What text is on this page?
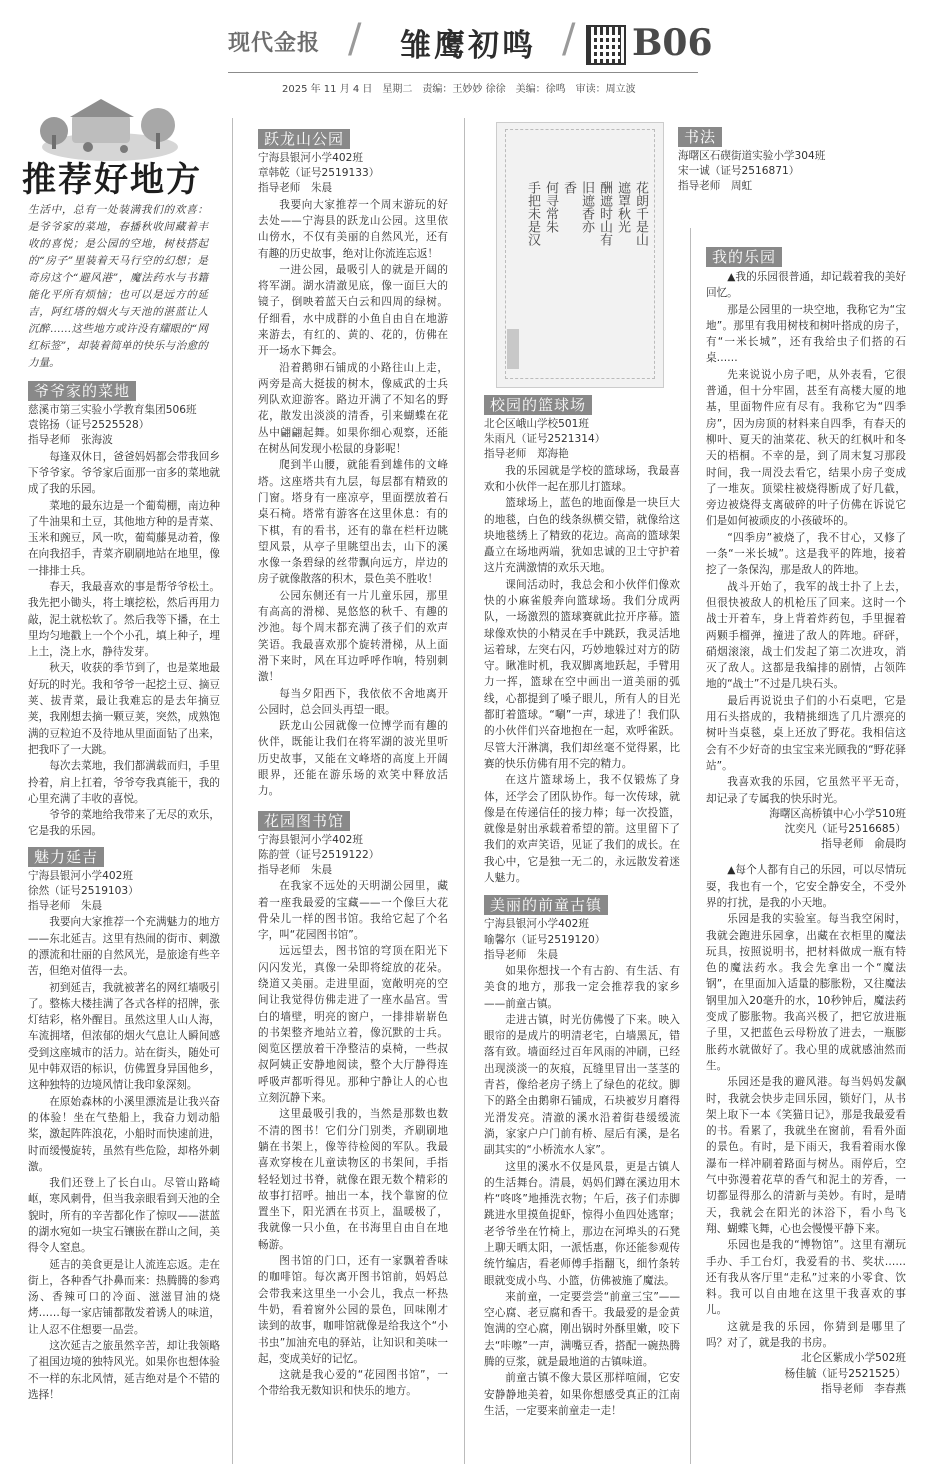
现代金报 / 雏鹰初鸣 / B06
2025 年 11 月 4 日　星期二　责编：王妙妙 徐徐　美编：徐鸣　审读：周立波
推荐好地方
生活中，总有一处装满我们的欢喜：是爷爷家的菜地，春播秋收间藏着丰收的喜悦；是公园的空地，树枝搭起的“房子”里装着天马行空的幻想；是奇房这个“避风港”，魔法药水与书籍能化平所有烦恼；也可以是远方的延吉，阿红塔的烟火与天池的湛蓝让人沉醉……这些地方或许没有耀眼的“网红标签”，却装着简单的快乐与治愈的力量。
爷爷家的菜地
慈溪市第三实验小学教育集团506班
袁铭扬（证号2525528）
指导老师　张海波

每逢双休日，爸爸妈妈都会带我回乡下爷爷家。爷爷家后面那一亩多的菜地就成了我的乐园。

菜地的最东边是一个葡萄棚，南边种了牛油果和土豆，其他地方种的是青菜、玉米和豌豆，风一吹，葡萄藤晃动着，像在向我招手，青菜齐刷刷地站在地里，像一排排士兵。

春天，我最喜欢的事是帮爷爷松土。我先把小锄头，将土壤挖松，然后再用力敲，泥土就松软了。然后我等下播，在土里均匀地戳上一个个小孔，填上种子，埋上土，浇上水，静待发芽。

秋天，收获的季节到了，也是菜地最好玩的时光。我和爷爷一起挖土豆、摘豆荚、拔青菜，最让我难忘的是去年摘豆荚，我刚想去摘一颗豆荚，突然，成熟饱满的豆粒迫不及待地从里面面钻了出来，把我吓了一大跳。

每次去菜地，我们都满载而归，手里拎着，肩上扛着，爷爷夸我真能干，我的心里充满了丰收的喜悦。

爷爷的菜地给我带来了无尽的欢乐，它是我的乐园。

魅力延吉
宁海县银河小学402班
徐然（证号2519103）
指导老师　朱晨

我要向大家推荐一个充满魅力的地方——东北延吉。这里有热闹的街市、刺激的漂流和壮丽的自然风光，是旅途有些辛苦，但绝对值得一去。

初到延吉，我就被著名的网红墙吸引了。整栋大楼挂满了各式各样的招牌，张灯结彩，格外醒目。虽然这里人山人海，车流拥堵，但浓郁的烟火气息让人瞬间感受到这座城市的活力。站在街头，随处可见中韩双语的标识，仿佛置身异国他乡，这种独特的边境风情让我印象深刻。

在原始森林的小溪里漂流是让我兴奋的体验！坐在气垫船上，我奋力划动船桨，激起阵阵浪花，小船时而快速前进，时而缓慢旋转，虽然有些危险，却格外刺激。

我们还登上了长白山。尽管山路崎岖，寒风刺骨，但当我亲眼看到天池的全貌时，所有的辛苦都化作了惊叹——湛蓝的湖水宛如一块宝石镶嵌在群山之间，美得令人窒息。

延吉的美食更是让人流连忘返。走在街上，各种香气扑鼻而来：热腾腾的参鸡汤、香辣可口的冷面、滋滋冒油的烧烤……每一家店铺都散发着诱人的味道，让人忍不住想要一品尝。

这次延吉之旅虽然辛苦，却让我领略了祖国边境的独特风光。如果你也想体验不一样的东北风情，延吉绝对是个不错的选择！

跃龙山公园
宁海县银河小学402班
章韩乾（证号2519133）
指导老师　朱晨

我要向大家推荐一个周末游玩的好去处——宁海县的跃龙山公园。这里依山傍水，不仅有美丽的自然风光，还有有趣的历史故事，绝对让你流连忘返！

一进公园，最吸引人的就是开阔的将军湖。湖水清澈见底，像一面巨大的镜子，倒映着蓝天白云和四周的绿树。仔细看，水中成群的小鱼自由自在地游来游去，有红的、黄的、花的，仿佛在开一场水下舞会。

沿着鹅卵石铺成的小路往山上走，两旁是高大挺拔的树木，像威武的士兵列队欢迎游客。路边开满了不知名的野花，散发出淡淡的清香，引来蝴蝶在花丛中翩翩起舞。如果你细心观察，还能在树丛间发现小松鼠的身影呢！

爬到半山腰，就能看到雄伟的文峰塔。这座塔共有九层，每层都有精致的门窗。塔身有一座凉亭，里面摆放着石桌石椅。塔常有游客在这里休息：有的下棋，有的看书，还有的靠在栏杆边眺望风景，从亭子里眺望出去，山下的溪水像一条碧绿的丝带飘向远方，岸边的房子就像散落的积木，景色美不胜收！

公园东侧还有一片儿童乐园，那里有高高的滑梯、晃悠悠的秋千、有趣的沙池。每个周末都充满了孩子们的欢声笑语。我最喜欢那个旋转滑梯，从上面滑下来时，风在耳边呼呼作响，特别刺激！

每当夕阳西下，我依依不舍地离开公园时，总会回头再望一眼。

跃龙山公园就像一位博学而有趣的伙伴，既能让我们在将军湖的波光里听历史故事，又能在文峰塔的高度上开阔眼界，还能在游乐场的欢笑中释放活力。

花园图书馆
宁海县银河小学402班
陈韵萱（证号2519122）
指导老师　朱晨

在我家不远处的天明湖公园里，藏着一座我最爱的宝藏——一个像巨大花骨朵儿一样的图书馆。我给它起了个名字，叫“花园图书馆”。

远远望去，图书馆的穹顶在阳光下闪闪发光，真像一朵即将绽放的花朵。绕道又美丽。走进里面，宽敞明亮的空间让我觉得仿佛走进了一座水晶宫。雪白的墙壁，明亮的窗户，一排排崭崭色的书架整齐地站立着，像沉默的士兵。阅览区摆放着干净整洁的桌椅，一些叔叔阿姨正安静地阅读，整个大厅静得连呼吸声都听得见。那种宁静让人的心也立刻沉静下来。

这里最吸引我的，当然是那数也数不清的图书！它们分门别类，齐刷刷地躺在书架上，像等待检阅的军队。我最喜欢穿梭在儿童读物区的书架间，手指轻轻划过书脊，就像在跟无数个精彩的故事打招呼。抽出一本，找个靠窗的位置坐下，阳光洒在书页上，温暖极了，我就像一只小鱼，在书海里自由自在地畅游。

图书馆的门口，还有一家飘着香味的咖啡馆。每次离开图书馆前，妈妈总会带我来这里坐一小会儿，我点一杯热牛奶，看着窗外公园的景色，回味刚才读到的故事，咖啡馆就像是给我这个“小书虫”加油充电的驿站，让知识和美味一起，变成美好的记忆。

这就是我心爱的“花园图书馆”，一个带给我无数知识和快乐的地方。

手把未是汉 何寻常朱 香 旧遮香亦 酬遮时山有 遮罩秋光 花朗千是山
校园的篮球场
北仑区峨山学校501班
朱雨凡（证号2521314）
指导老师　郑海艳

我的乐园就是学校的篮球场，我最喜欢和小伙伴一起在那儿打篮球。

篮球场上，蓝色的地面像是一块巨大的地毯，白色的线条纵横交错，就像给这块地毯绣上了精致的花边。高高的篮球架矗立在场地两端，犹如忠诚的卫士守护着这片充满激情的欢乐天地。

课间活动时，我总会和小伙伴们像欢快的小麻雀般奔向篮球场。我们分成两队，一场激烈的篮球赛就此拉开序幕。篮球像欢快的小精灵在手中跳跃，我灵活地运着球，左突右闪，巧妙地躲过对方的防守。瞅准时机，我双脚离地跃起，手臂用力一挥，篮球在空中画出一道美丽的弧线，心都提到了嗓子眼儿，所有人的目光都盯着篮球。“唰”一声，球进了！我们队的小伙伴们兴奋地抱在一起，欢呼雀跃。尽管大汗淋漓，我们却丝毫不觉得累，比赛的快乐仿佛有用不完的精力。

在这片篮球场上，我不仅锻炼了身体，还学会了团队协作。每一次传球，就像是在传递信任的接力棒；每一次投篮，就像是射出承载着希望的箭。这里留下了我们的欢声笑语，见证了我们的成长。在我心中，它是独一无二的，永远散发着迷人魅力。

美丽的前童古镇
宁海县银河小学402班
喻馨尔（证号2519120）
指导老师　朱晨

如果你想找一个有古韵、有生活、有美食的地方，那我一定会推荐我的家乡——前童古镇。

走进古镇，时光仿佛慢了下来。映入眼帘的是成片的明清老宅，白墙黑瓦，错落有致。墙面经过百年风雨的冲刷，已经出现淡淡一的灰痕，瓦缝里冒出一茎茎的青苔，像给老房子绣上了绿色的花纹。脚下的路全由鹅卵石铺成，石块被岁月磨得光滑发亮。清澈的溪水沿着街巷缓缓流淌，家家户户门前有桥、屋后有溪，是名副其实的“小桥流水人家”。

这里的溪水不仅是风景，更是古镇人的生活舞台。清晨，妈妈们蹲在溪边用木杵“咚咚”地捶洗衣物；午后，孩子们赤脚跳进水里摸鱼捉虾，惊得小鱼四处逃窜；老爷爷坐在竹椅上，那边在河埠头的石凳上聊天晒太阳，一派恬惠，你还能参观传统竹编店，看老师傅手指翻飞，细竹条转眼就变成小鸟、小篮，仿佛被施了魔法。

来前童，一定要尝尝“前童三宝”——空心腐、老豆腐和香干。我最爱的是金黄饱满的空心腐，刚出锅时外酥里嫩，咬下去“咔嚓”一声，满嘴豆香，搭配一碗热腾腾的豆浆，就是最地道的古镇味道。

前童古镇不像大景区那样喧闹，它安安静静地美着，如果你想感受真正的江南生活，一定要来前童走一走！

书法
海曙区石碶街道实验小学304班
宋一诚（证号2516871）
指导老师　周虹
我的乐园

▲我的乐园很普通，却记载着我的美好回忆。

那是公园里的一块空地，我称它为“宝地”。那里有我用树枝和树叶搭成的房子，有“一米长城”，还有我给虫子们搭的石桌……

先来说说小房子吧，从外表看，它很普通，但十分牢固，甚至有高楼大厦的地基，里面物件应有尽有。我称它为“四季房”，因为房顶的材料来自四季，有春天的柳叶、夏天的油菜花、秋天的红枫叶和冬天的梧桐。不幸的是，到了周末复习那段时间，我一周没去看它，结果小房子变成了一堆灰。顶梁柱被烧得断成了好几截，旁边被烧得支离破碎的叶子仿佛在诉说它们是如何被顽皮的小孩破坏的。

“四季房”被烧了，我不甘心，又修了一条“一米长城”。这是我平的阵地，接着挖了一条保沟，那是敌人的阵地。

战斗开始了，我军的战士扑了上去，但很快被敌人的机枪压了回来。这时一个战士开着车，身上背着炸药包，手里握着两颗手榴弹，撞进了敌人的阵地。砰砰，硝烟滚滚，战士们发起了第二次进攻，消灭了敌人。这都是我编排的剧情，占领阵地的“战士”不过是几块石头。

最后再说说虫子们的小石桌吧，它是用石头搭成的，我精挑细选了几片漂亮的树叶当桌毯，桌上还放了野花。我相信这会有不少好奇的虫宝宝来光顾我的“野花驿站”。

我喜欢我的乐园，它虽然平平无奇，却记录了专属我的快乐时光。

海曙区高桥镇中心小学510班
沈奕凡（证号2516685）
指导老师　俞晨昀

▲每个人都有自己的乐园，可以尽情玩耍，我也有一个，它安全静安全，不受外界的打扰，是我的小天地。

乐园是我的实验室。每当我空闲时，我就会跑进乐园拿，出藏在衣柜里的魔法玩具，按照说明书，把材料做成一瓶有特色的魔法药水。我会先拿出一个“魔法钢”，在里面加入适量的膨胀粉，又往魔法钢里加入20毫升的水，10秒钟后，魔法药变成了膨胀物。我高兴极了，把它放进瓶子里，又把蓝色云母粉放了进去，一瓶膨胀药水就做好了。我心里的成就感油然而生。

乐园还是我的避风港。每当妈妈发飙时，我就会快步走回乐园，锁好门，从书架上取下一本《笑猫日记》，那是我最爱看的书。看累了，我就坐在窗前，看看外面的景色。有时，是下雨天，我看着雨水像瀑布一样冲刷着路面与树丛。雨停后，空气中弥漫着花草的香气和泥土的芳香，一切都显得那么的清新与美妙。有时，是晴天，我就会在阳光的沐浴下，看小鸟飞翔、蝴蝶飞舞，心也会慢慢平静下来。

乐园也是我的“博物馆”。这里有潮玩手办、手工台灯，我爱看的书、奖状……还有我从客厅里“走私”过来的小零食、饮料。我可以自由地在这里干我喜欢的事儿。

这就是我的乐园，你猜到是哪里了吗？对了，就是我的书房。

北仑区紫成小学502班
杨佳毓（证号2521525）
指导老师　李春燕
